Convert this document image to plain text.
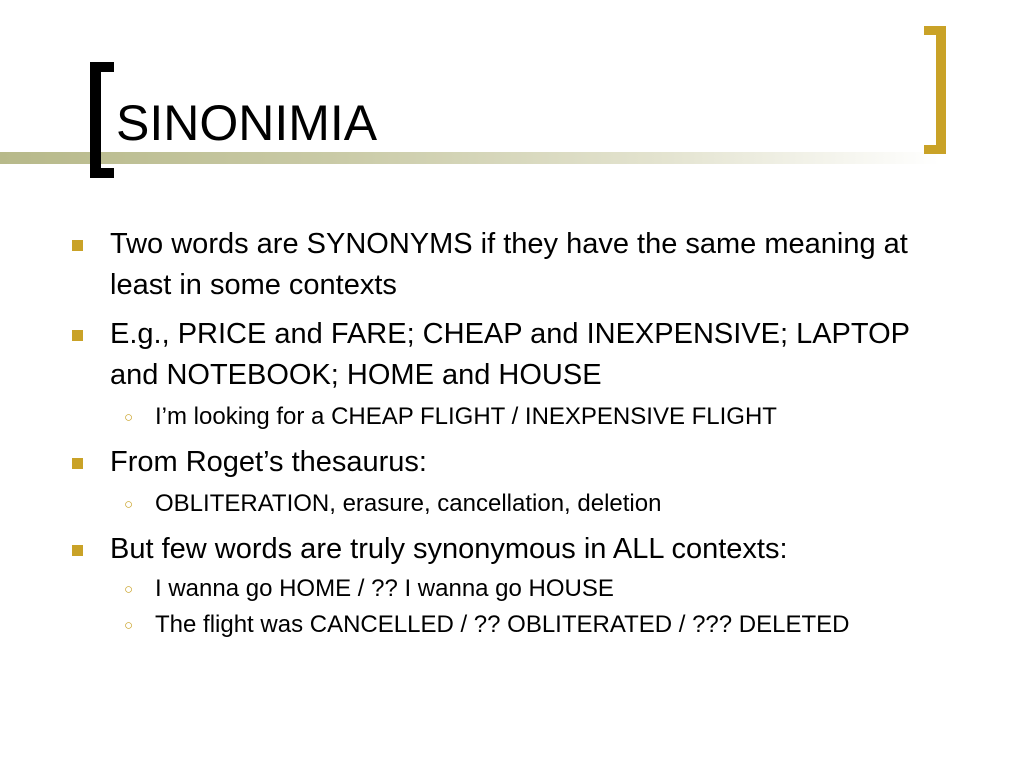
SINONIMIA
Two words are SYNONYMS if they have the same meaning at least in some contexts
E.g., PRICE and FARE; CHEAP and INEXPENSIVE; LAPTOP and NOTEBOOK; HOME and HOUSE
○ I’m looking for a CHEAP FLIGHT / INEXPENSIVE FLIGHT
From Roget’s thesaurus:
○ OBLITERATION, erasure, cancellation, deletion
But few words are truly synonymous in ALL contexts:
○ I wanna go HOME / ?? I wanna go HOUSE
○ The flight was CANCELLED / ?? OBLITERATED / ??? DELETED
